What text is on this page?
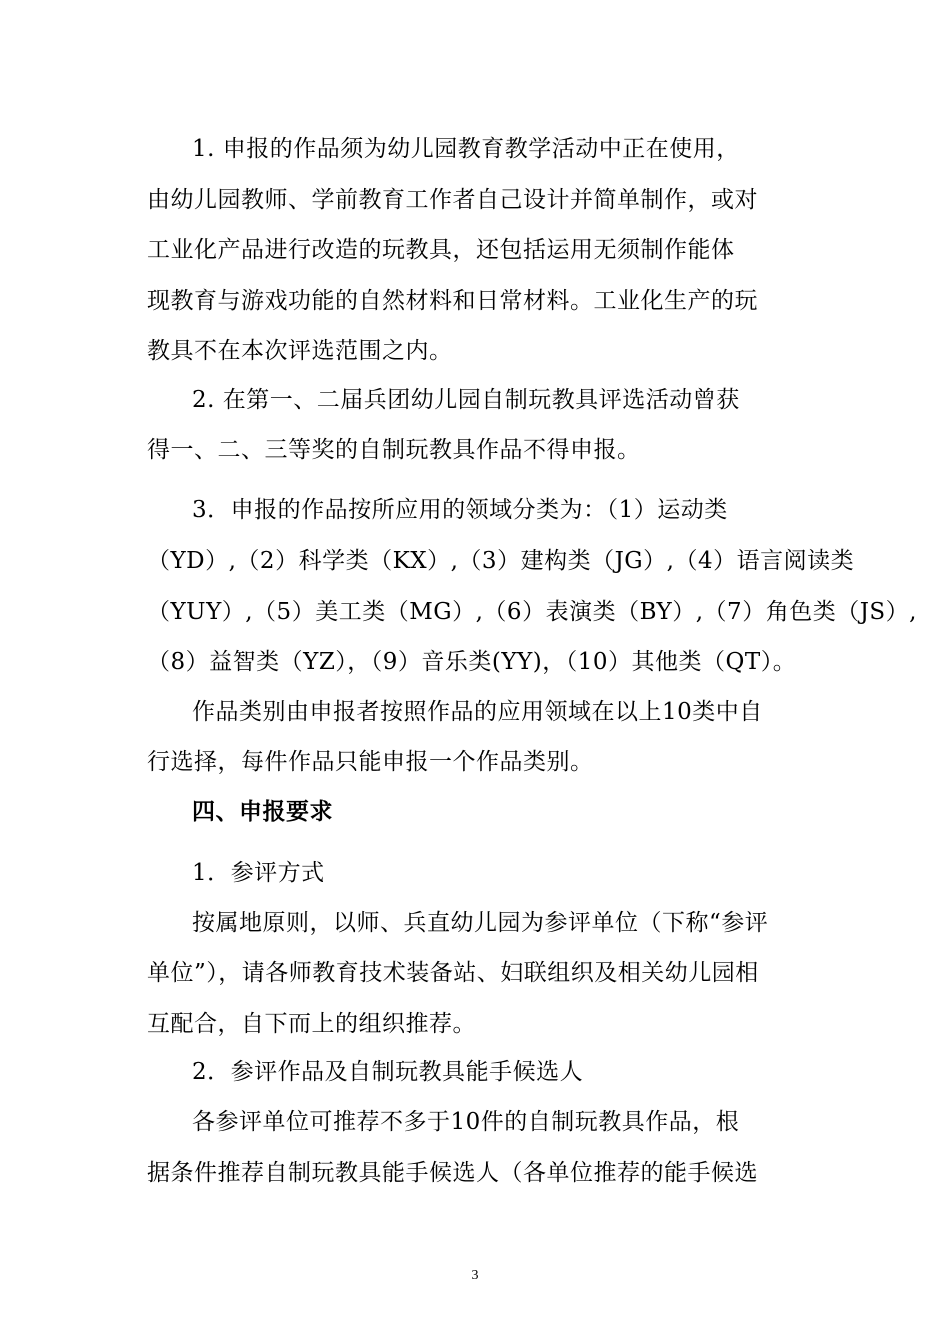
1. 申报的作品须为幼儿园教育教学活动中正在使用，
由幼儿园教师、学前教育工作者自己设计并简单制作，或对
工业化产品进行改造的玩教具，还包括运用无须制作能体
现教育与游戏功能的自然材料和日常材料。工业化生产的玩
教具不在本次评选范围之内。
2. 在第一、二届兵团幼儿园自制玩教具评选活动曾获
得一、二、三等奖的自制玩教具作品不得申报。
3．申报的作品按所应用的领域分类为：（1）运动类
（YD）,（2）科学类（KX）,（3）建构类（JG）,（4）语言阅读类
（YUY）,（5）美工类（MG）,（6）表演类（BY）,（7）角色类（JS）,
（8）益智类（YZ），（9）音乐类(YY)，（10）其他类（QT）。
作品类别由申报者按照作品的应用领域在以上10类中自
行选择，每件作品只能申报一个作品类别。
四、申报要求
1．参评方式
按属地原则，以师、兵直幼儿园为参评单位（下称“参评
单位”），请各师教育技术装备站、妇联组织及相关幼儿园相
互配合，自下而上的组织推荐。
2．参评作品及自制玩教具能手候选人
各参评单位可推荐不多于10件的自制玩教具作品，根
据条件推荐自制玩教具能手候选人（各单位推荐的能手候选
3
